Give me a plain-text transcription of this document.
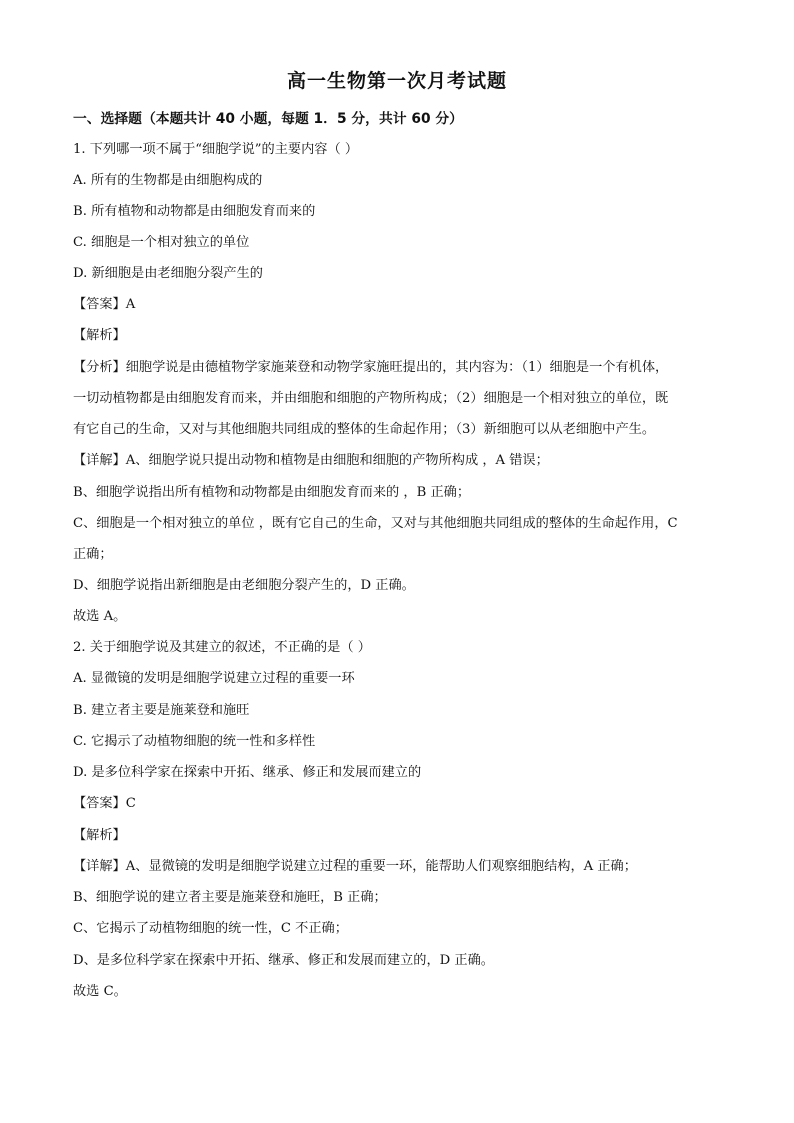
高一生物第一次月考试题
一、选择题（本题共计 40 小题，每题 1．5 分，共计 60 分）
1. 下列哪一项不属于“细胞学说”的主要内容（ ）
A. 所有的生物都是由细胞构成的
B. 所有植物和动物都是由细胞发育而来的
C. 细胞是一个相对独立的单位
D. 新细胞是由老细胞分裂产生的
【答案】A
【解析】
【分析】细胞学说是由德植物学家施莱登和动物学家施旺提出的，其内容为：（1）细胞是一个有机体，
一切动植物都是由细胞发育而来，并由细胞和细胞的产物所构成；（2）细胞是一个相对独立的单位，既
有它自己的生命，又对与其他细胞共同组成的整体的生命起作用；（3）新细胞可以从老细胞中产生。
【详解】A、细胞学说只提出动物和植物是由细胞和细胞的产物所构成 ，A 错误；
B、细胞学说指出所有植物和动物都是由细胞发育而来的 ，B 正确；
C、细胞是一个相对独立的单位 ，既有它自己的生命，又对与其他细胞共同组成的整体的生命起作用，C
正确；
D、细胞学说指出新细胞是由老细胞分裂产生的，D 正确。
故选 A。
2. 关于细胞学说及其建立的叙述，不正确的是（ ）
A. 显微镜的发明是细胞学说建立过程的重要一环
B. 建立者主要是施莱登和施旺
C. 它揭示了动植物细胞的统一性和多样性
D. 是多位科学家在探索中开拓、继承、修正和发展而建立的
【答案】C
【解析】
【详解】A、显微镜的发明是细胞学说建立过程的重要一环，能帮助人们观察细胞结构，A 正确；
B、细胞学说的建立者主要是施莱登和施旺，B 正确；
C、它揭示了动植物细胞的统一性，C 不正确；
D、是多位科学家在探索中开拓、继承、修正和发展而建立的，D 正确。
故选 C。
